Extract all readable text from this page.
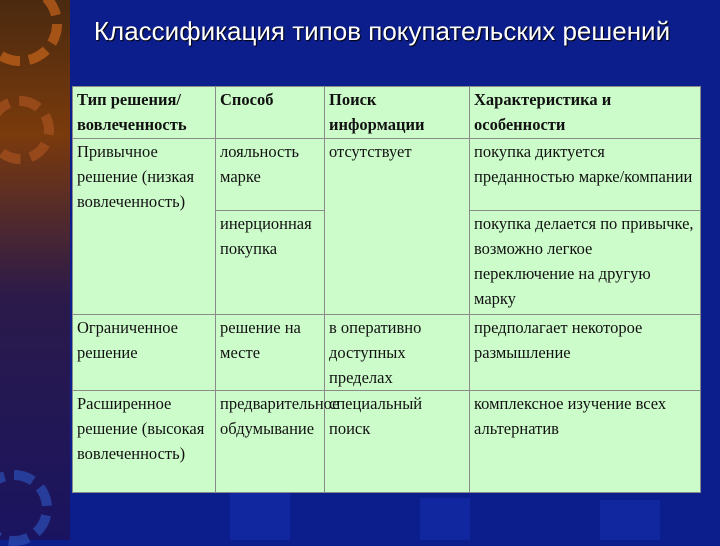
Классификация типов покупательских решений
Тип решения/ вовлеченность	Способ	Поиск информации	Характеристика и особенности
Привычное решение (низкая вовлеченность)	лояльность марке	отсутствует	покупка диктуется преданностью марке/компании
	инерционная покупка		покупка делается по привычке, возможно легкое переключение на другую марку
Ограниченное решение	решение на месте	в оперативно доступных пределах	предполагает некоторое размышление
Расширенное решение (высокая вовлеченность)	предварительное обдумывание	специальный поиск	комплексное изучение всех альтернатив
